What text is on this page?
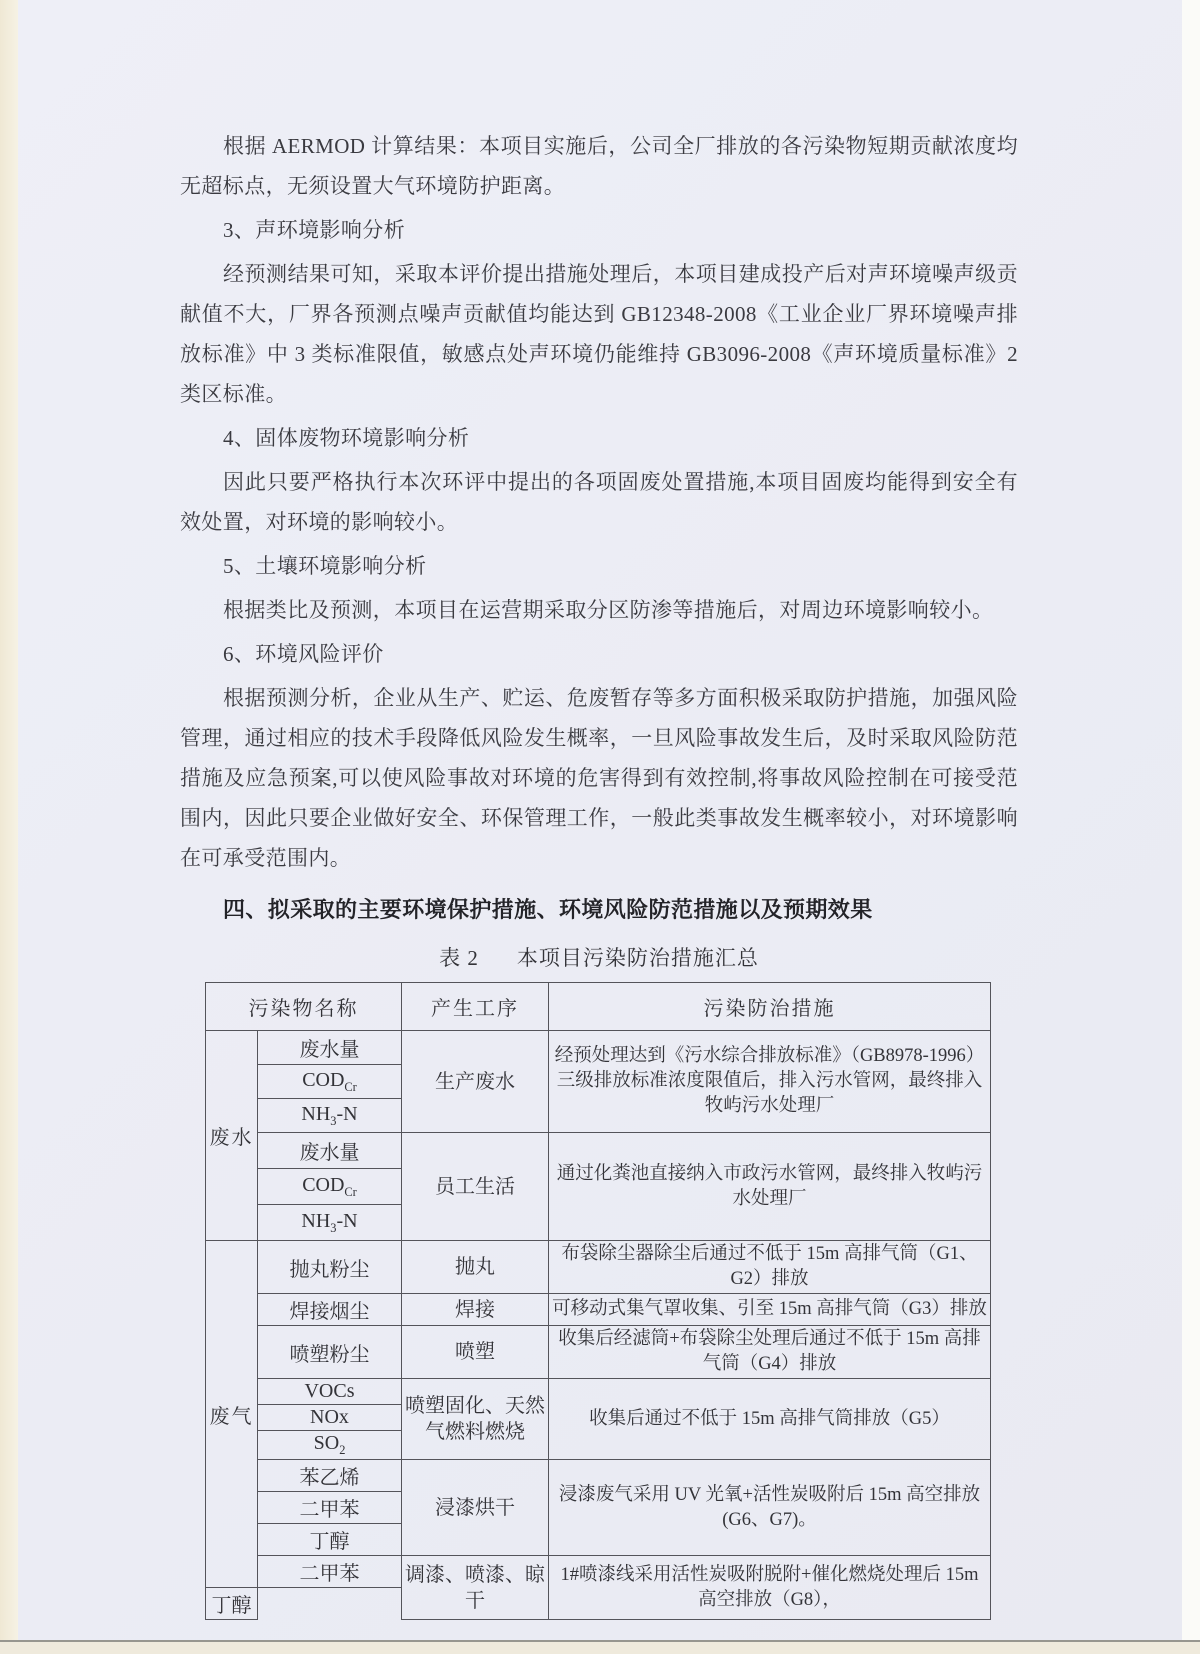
根据 AERMOD 计算结果：本项目实施后，公司全厂排放的各污染物短期贡献浓度均无超标点，无须设置大气环境防护距离。

3、声环境影响分析

经预测结果可知，采取本评价提出措施处理后，本项目建成投产后对声环境噪声级贡献值不大，厂界各预测点噪声贡献值均能达到 GB12348-2008《工业企业厂界环境噪声排放标准》中 3 类标准限值，敏感点处声环境仍能维持 GB3096-2008《声环境质量标准》2 类区标准。

4、固体废物环境影响分析

因此只要严格执行本次环评中提出的各项固废处置措施,本项目固废均能得到安全有效处置，对环境的影响较小。

5、土壤环境影响分析

根据类比及预测，本项目在运营期采取分区防渗等措施后，对周边环境影响较小。

6、环境风险评价

根据预测分析，企业从生产、贮运、危废暂存等多方面积极采取防护措施，加强风险管理，通过相应的技术手段降低风险发生概率，一旦风险事故发生后，及时采取风险防范措施及应急预案,可以使风险事故对环境的危害得到有效控制,将事故风险控制在可接受范围内，因此只要企业做好安全、环保管理工作，一般此类事故发生概率较小，对环境影响在可承受范围内。

四、拟采取的主要环境保护措施、环境风险防范措施以及预期效果

表 2 本项目污染防治措施汇总
污染物名称		产生工序	污染防治措施
废水	废水量	生产废水	经预处理达到《污水综合排放标准》（GB8978-1996）三级排放标准浓度限值后，排入污水管网，最终排入牧屿污水处理厂
	$COD_{Cr}$
	$NH_3-N$		
	废水量	员工生活	通过化粪池直接纳入市政污水管网，最终排入牧屿污水处理厂
	$COD_{Cr}$
	$NH_3-N$		
废气	抛丸粉尘	抛丸	布袋除尘器除尘后通过不低于 15m 高排气筒（G1、G2）排放
	焊接烟尘	焊接	可移动式集气罩收集、引至 15m 高排气筒（G3）排放
	喷塑粉尘	喷塑	收集后经滤筒+布袋除尘处理后通过不低于 15m 高排气筒（G4）排放
	VOCs	喷塑固化、天然气燃料燃烧	收集后通过不低于 15m 高排气筒排放（G5）
	NOx		
	$SO_2$
	苯乙烯	浸漆烘干	浸漆废气采用 UV 光氧+活性炭吸附后 15m 高空排放(G6、G7)。
	二甲苯		
	丁醇		
	二甲苯	调漆、喷漆、晾干	1#喷漆线采用活性炭吸附脱附+催化燃烧处理后 15m 高空排放（G8），
丁醇			
